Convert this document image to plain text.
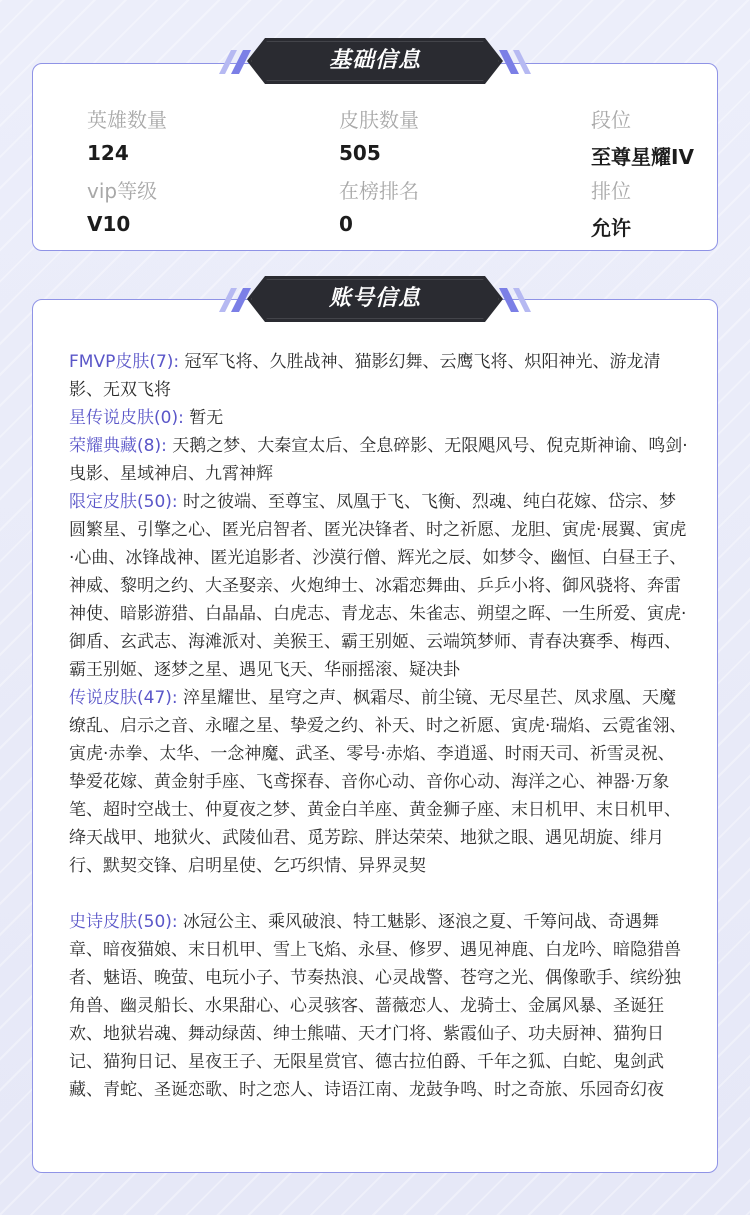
基础信息
英雄数量
124
皮肤数量
505
段位
至尊星耀IV
vip等级
V10
在榜排名
0
排位
允许
账号信息

FMVP皮肤(7): 冠军飞将、久胜战神、猫影幻舞、云鹰飞将、炽阳神光、游龙清影、无双飞将

星传说皮肤(0): 暂无

荣耀典藏(8): 天鹅之梦、大秦宣太后、全息碎影、无限飓风号、倪克斯神谕、鸣剑·曳影、星域神启、九霄神辉

限定皮肤(50): 时之彼端、至尊宝、凤凰于飞、飞衡、烈魂、纯白花嫁、岱宗、梦圆繁星、引擎之心、匿光启智者、匿光决锋者、时之祈愿、龙胆、寅虎·展翼、寅虎·心曲、冰锋战神、匿光追影者、沙漠行僧、辉光之辰、如梦令、幽恒、白昼王子、神威、黎明之约、大圣娶亲、火炮绅士、冰霜恋舞曲、乒乒小将、御风骁将、奔雷神使、暗影游猎、白晶晶、白虎志、青龙志、朱雀志、朔望之晖、一生所爱、寅虎·御盾、玄武志、海滩派对、美猴王、霸王别姬、云端筑梦师、青春决赛季、梅西、霸王别姬、逐梦之星、遇见飞天、华丽摇滚、疑决卦

传说皮肤(47): 淬星耀世、星穹之声、枫霜尽、前尘镜、无尽星芒、凤求凰、天魔缭乱、启示之音、永曜之星、挚爱之约、补天、时之祈愿、寅虎·瑞焰、云霓雀翎、寅虎·赤拳、太华、一念神魔、武圣、零号·赤焰、李逍遥、时雨天司、祈雪灵祝、挚爱花嫁、黄金射手座、飞鸢探春、音你心动、音你心动、海洋之心、神器·万象笔、超时空战士、仲夏夜之梦、黄金白羊座、黄金狮子座、末日机甲、末日机甲、绛天战甲、地狱火、武陵仙君、觅芳踪、胖达荣荣、地狱之眼、遇见胡旋、绯月行、默契交锋、启明星使、乞巧织情、异界灵契

史诗皮肤(50): 冰冠公主、乘风破浪、特工魅影、逐浪之夏、千筹问战、奇遇舞章、暗夜猫娘、末日机甲、雪上飞焰、永昼、修罗、遇见神鹿、白龙吟、暗隐猎兽者、魅语、晚萤、电玩小子、节奏热浪、心灵战警、苍穹之光、偶像歌手、缤纷独角兽、幽灵船长、水果甜心、心灵骇客、蔷薇恋人、龙骑士、金属风暴、圣诞狂欢、地狱岩魂、舞动绿茵、绅士熊喵、天才门将、紫霞仙子、功夫厨神、猫狗日记、猫狗日记、星夜王子、无限星赏官、德古拉伯爵、千年之狐、白蛇、鬼剑武藏、青蛇、圣诞恋歌、时之恋人、诗语江南、龙鼓争鸣、时之奇旅、乐园奇幻夜
